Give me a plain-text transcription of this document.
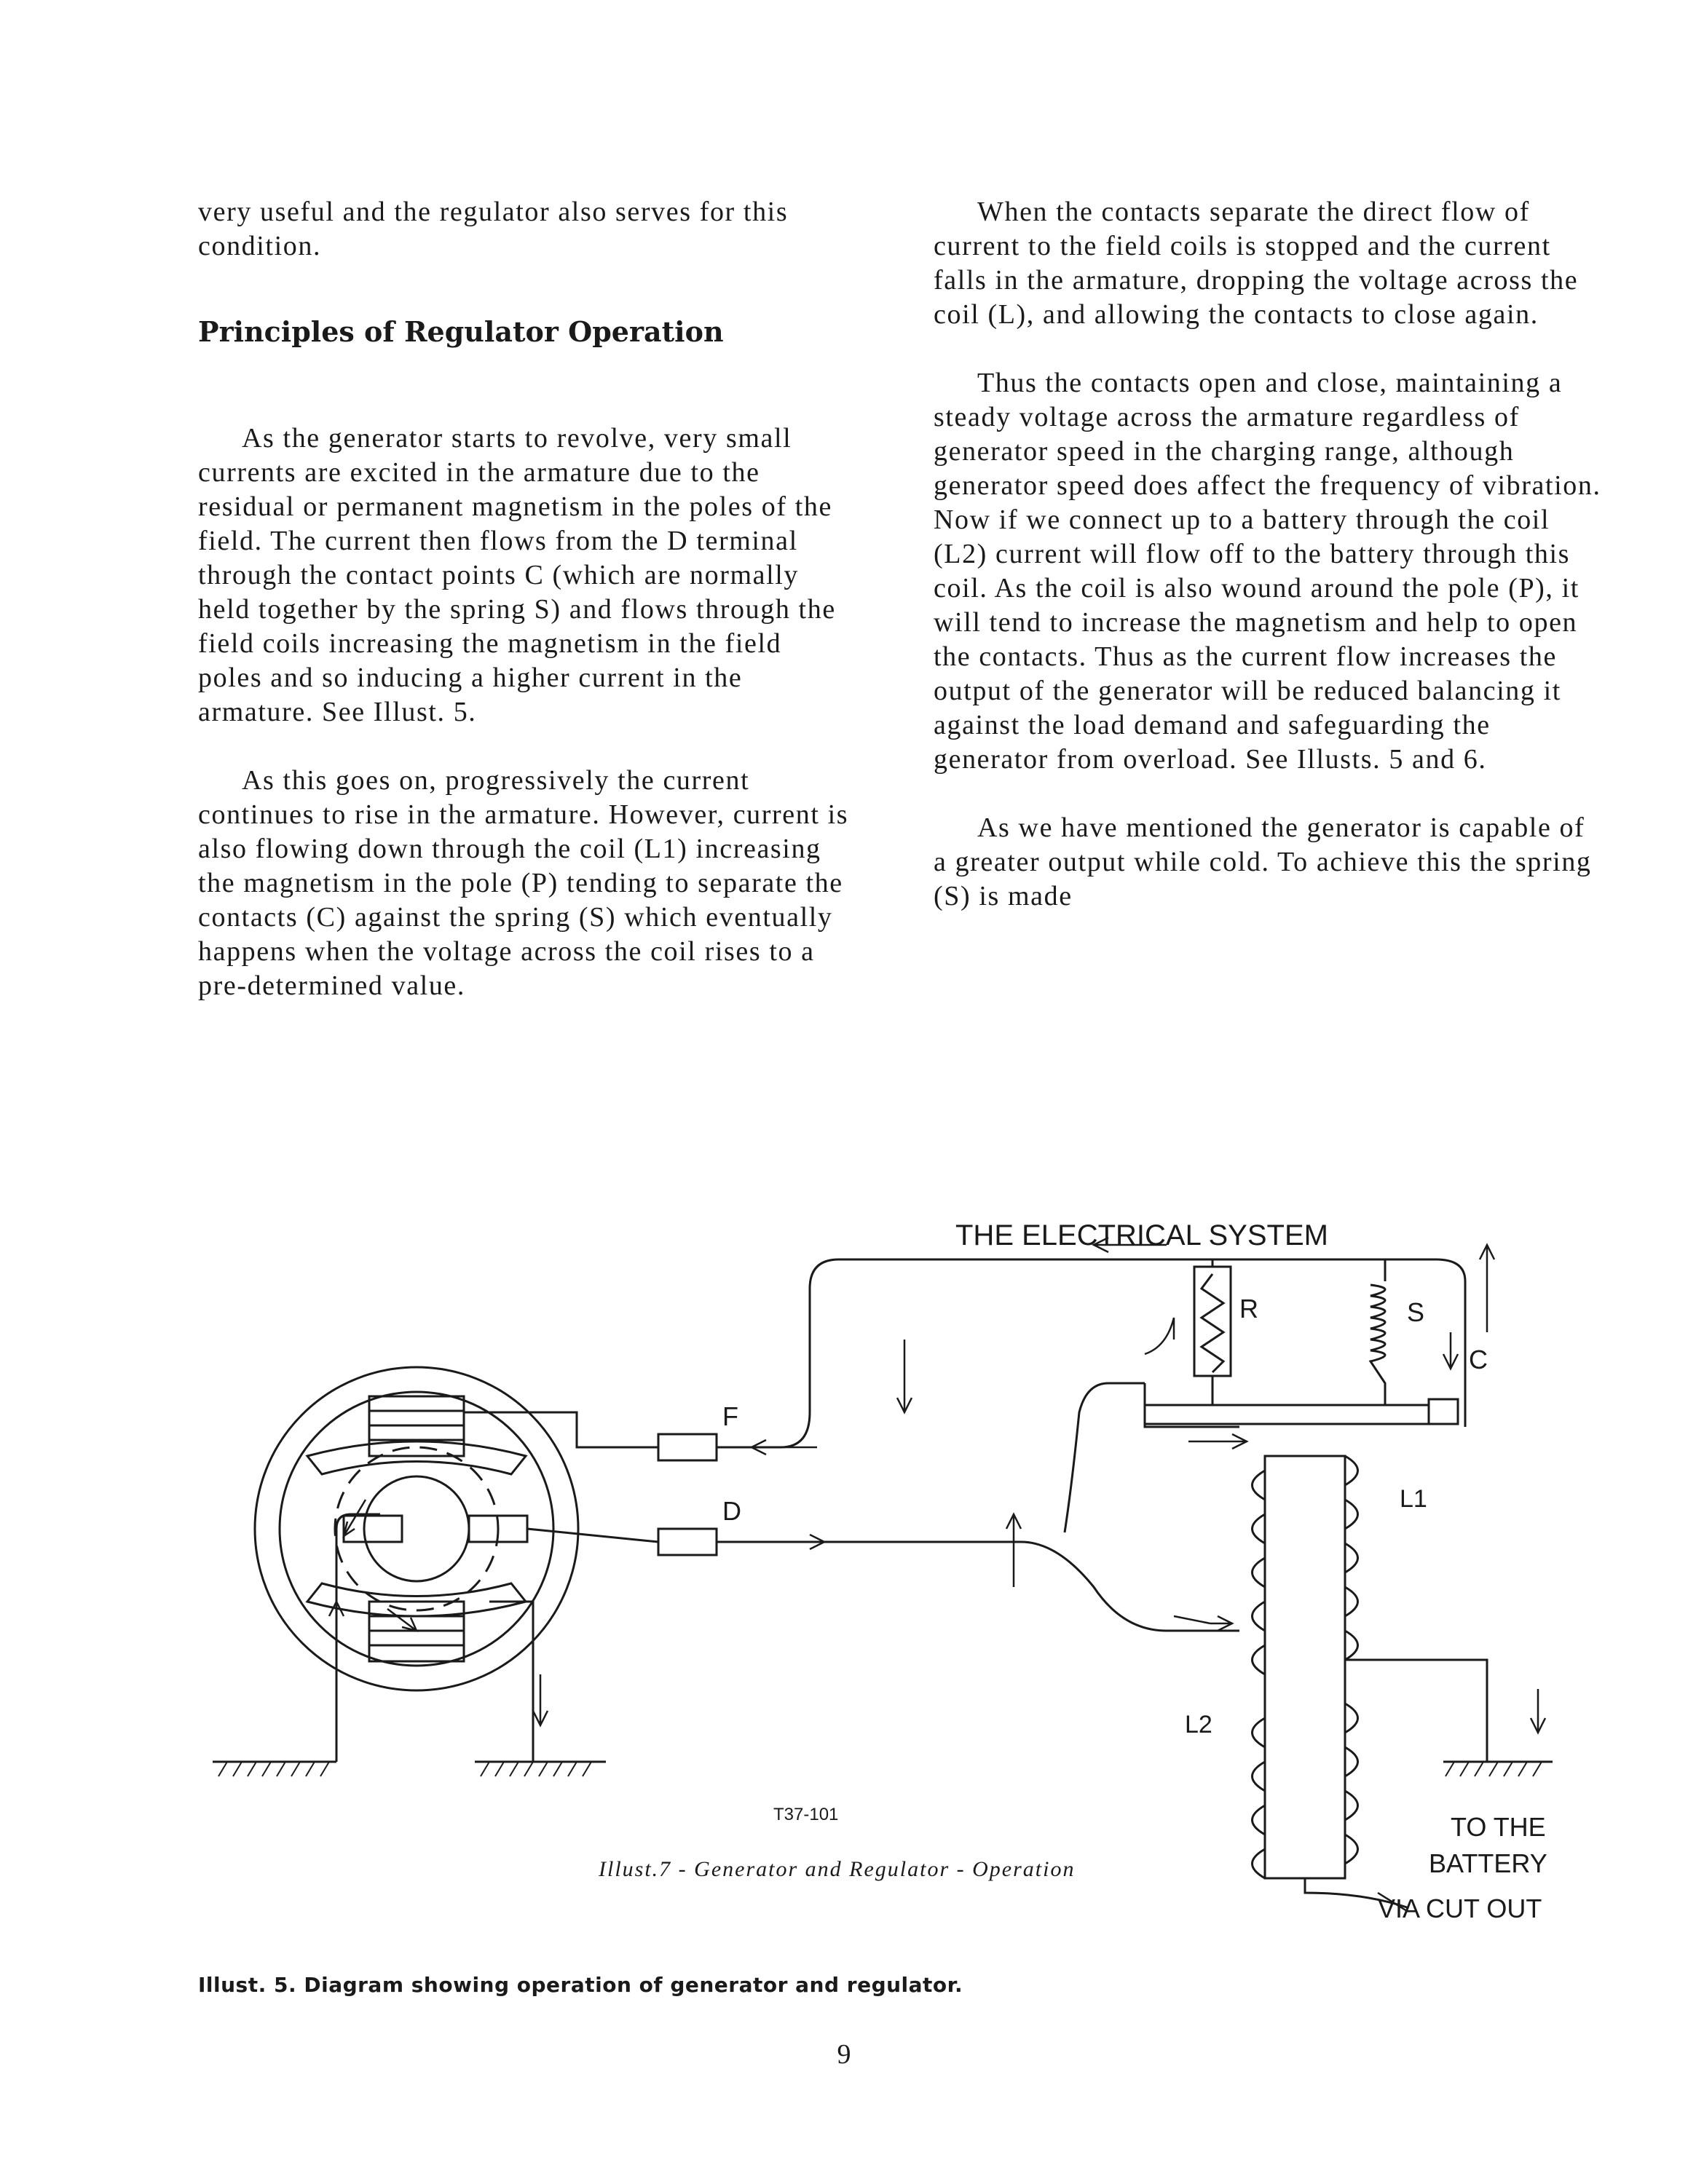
very useful and the regulator also serves for this condition.

Principles of Regulator Operation

As the generator starts to revolve, very small currents are excited in the armature due to the residual or permanent magnetism in the poles of the field. The current then flows from the D terminal through the contact points C (which are normally held together by the spring S) and flows through the field coils increasing the magnetism in the field poles and so inducing a higher current in the armature. See Illust. 5.

As this goes on, progressively the current continues to rise in the armature. However, current is also flowing down through the coil (L1) increasing the magnetism in the pole (P) tending to separate the contacts (C) against the spring (S) which eventually happens when the voltage across the coil rises to a pre-determined value.

When the contacts separate the direct flow of current to the field coils is stopped and the current falls in the armature, dropping the voltage across the coil (L), and allowing the contacts to close again.

Thus the contacts open and close, maintaining a steady voltage across the armature regardless of generator speed in the charging range, although generator speed does affect the frequency of vibration. Now if we connect up to a battery through the coil (L2) current will flow off to the battery through this coil. As the coil is also wound around the pole (P), it will tend to increase the magnetism and help to open the contacts. Thus as the current flow increases the output of the generator will be reduced balancing it against the load demand and safeguarding the generator from overload. See Illusts. 5 and 6.

As we have mentioned the generator is capable of a greater output while cold. To achieve this the spring (S) is made

THE ELECTRICAL SYSTEM
F
D
R	S
C
L1
L2
T37-101	TO THE
BATTERY
VIA CUT OUT
Illust.7 - Generator and Regulator - Operation
Illust. 5. Diagram showing operation of generator and regulator.
9
